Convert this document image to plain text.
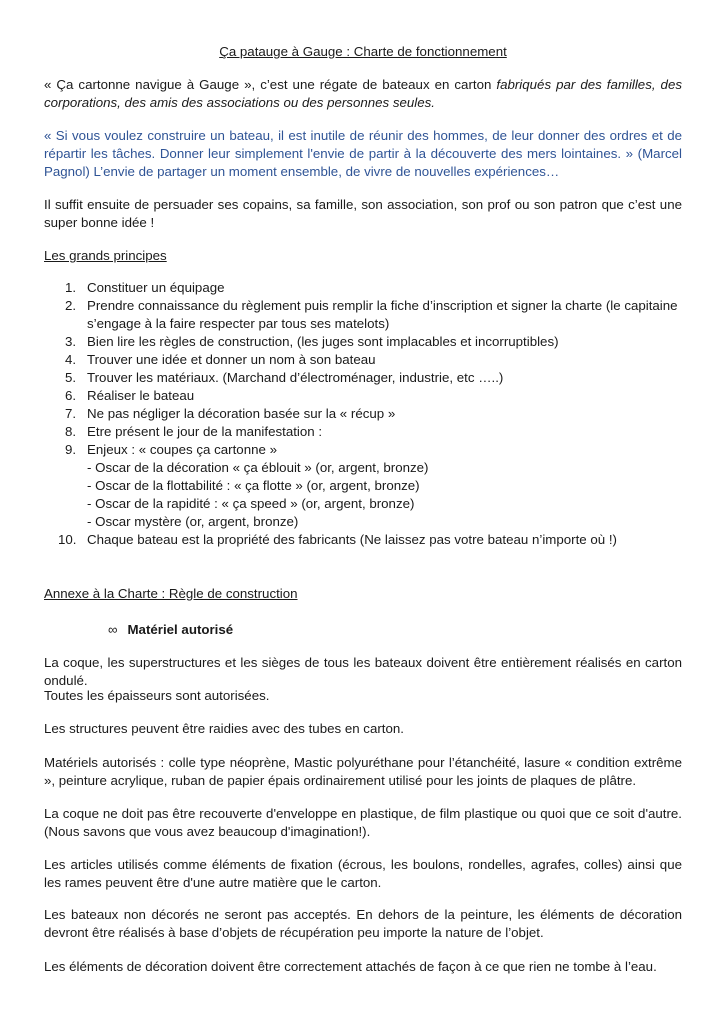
Ça patauge à Gauge : Charte de fonctionnement
« Ça cartonne navigue à Gauge », c’est une régate de bateaux en carton fabriqués par des familles, des corporations, des amis des associations ou des personnes seules.
« Si vous voulez construire un bateau, il est inutile de réunir des hommes, de leur donner des ordres et de répartir les tâches. Donner leur simplement l'envie de partir à la découverte des mers lointaines. » (Marcel Pagnol) L’envie de partager un moment ensemble, de vivre de nouvelles expériences…
Il suffit ensuite de persuader ses copains, sa famille, son association, son prof ou son patron que c’est une super bonne idée !
Les grands principes
1. Constituer un équipage
2. Prendre connaissance du règlement puis remplir la fiche d’inscription et signer la charte (le capitaine s’engage à la faire respecter par tous ses matelots)
3. Bien lire les règles de construction, (les juges sont implacables et incorruptibles)
4. Trouver une idée et donner un nom à son bateau
5. Trouver les matériaux. (Marchand d’électroménager, industrie, etc …..)
6. Réaliser le bateau
7. Ne pas négliger la décoration basée sur la « récup »
8. Etre présent le jour de la manifestation :
9. Enjeux : « coupes ça cartonne »
- Oscar de la décoration « ça éblouit » (or, argent, bronze)
- Oscar de la flottabilité : « ça flotte » (or, argent, bronze)
- Oscar de la rapidité : « ça speed » (or, argent, bronze)
- Oscar mystère (or, argent, bronze)
10. Chaque bateau est la propriété des fabricants (Ne laissez pas votre bateau n’importe où !)
Annexe à la Charte : Règle de construction
∞ Matériel autorisé
La coque, les superstructures et les sièges de tous les bateaux doivent être entièrement réalisés en carton ondulé.
Toutes les épaisseurs sont autorisées.
Les structures peuvent être raidies avec des tubes en carton.
Matériels autorisés : colle type néoprène, Mastic polyuréthane pour l’étanchéité, lasure « condition extrême », peinture acrylique, ruban de papier épais ordinairement utilisé pour les joints de plaques de plâtre.
La coque ne doit pas être recouverte d'enveloppe en plastique, de film plastique ou quoi que ce soit d'autre. (Nous savons que vous avez beaucoup d'imagination!).
Les articles utilisés comme éléments de fixation (écrous, les boulons, rondelles, agrafes, colles) ainsi que les rames peuvent être d'une autre matière que le carton.
Les bateaux non décorés ne seront pas acceptés. En dehors de la peinture, les éléments de décoration devront être réalisés à base d’objets de récupération peu importe la nature de l’objet.
Les éléments de décoration doivent être correctement attachés de façon à ce que rien ne tombe à l’eau.
